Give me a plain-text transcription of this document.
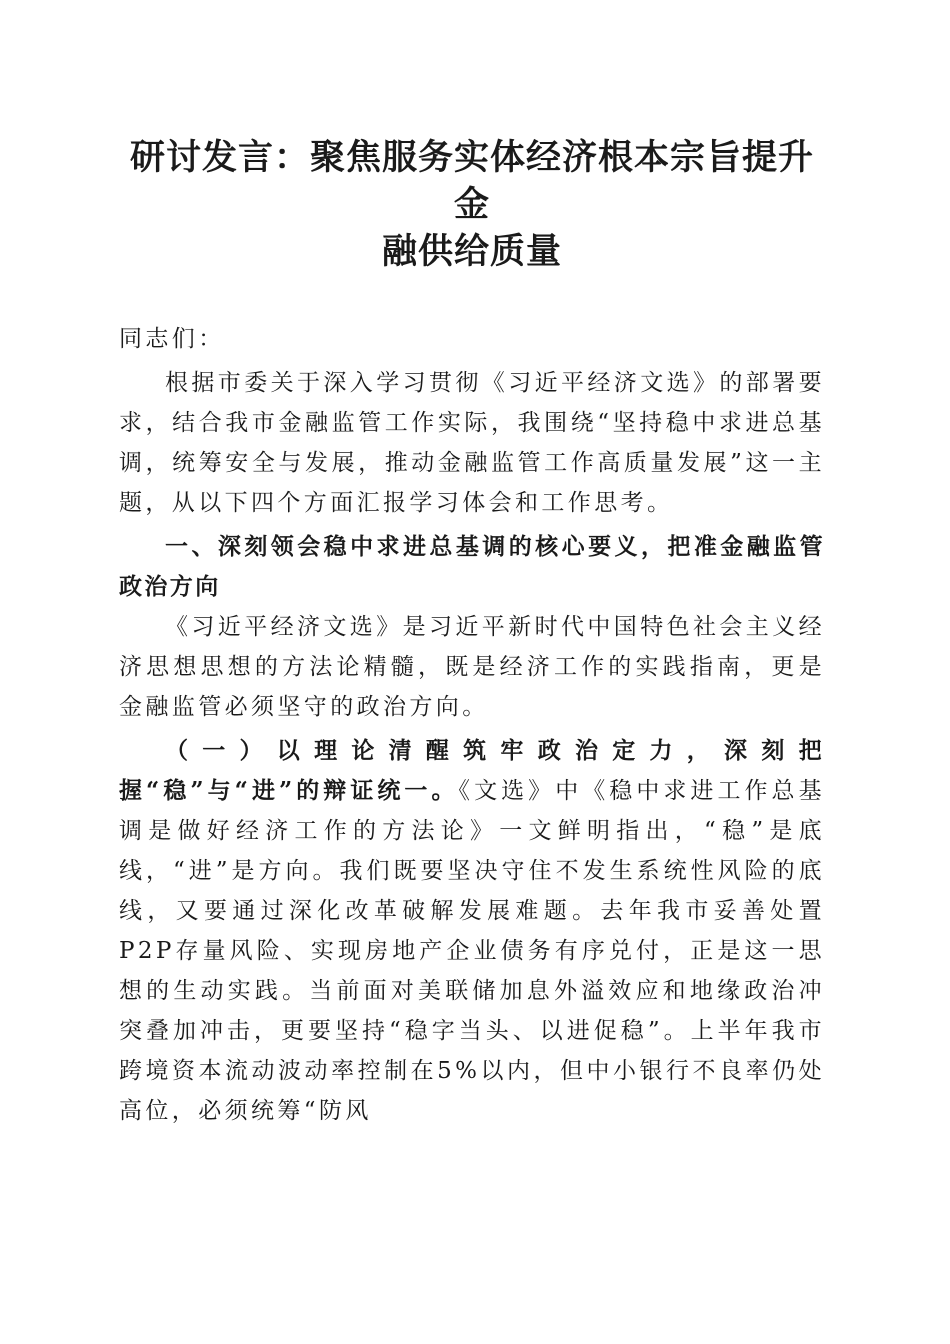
研讨发言：聚焦服务实体经济根本宗旨提升金
融供给质量

同志们：

根据市委关于深入学习贯彻《习近平经济文选》的部署要求，结合我市金融监管工作实际，我围绕“坚持稳中求进总基调，统筹安全与发展，推动金融监管工作高质量发展”这一主题，从以下四个方面汇报学习体会和工作思考。

一、深刻领会稳中求进总基调的核心要义，把准金融监管政治方向

《习近平经济文选》是习近平新时代中国特色社会主义经济思想思想的方法论精髓，既是经济工作的实践指南，更是金融监管必须坚守的政治方向。

（一）以理论清醒筑牢政治定力，深刻把握“稳”与“进”的辩证统一。《文选》中《稳中求进工作总基调是做好经济工作的方法论》一文鲜明指出，“稳”是底线，“进”是方向。我们既要坚决守住不发生系统性风险的底线，又要通过深化改革破解发展难题。去年我市妥善处置P2P存量风险、实现房地产企业债务有序兑付，正是这一思想的生动实践。当前面对美联储加息外溢效应和地缘政治冲突叠加冲击，更要坚持“稳字当头、以进促稳”。上半年我市跨境资本流动波动率控制在5%以内，但中小银行不良率仍处高位，必须统筹“防风
